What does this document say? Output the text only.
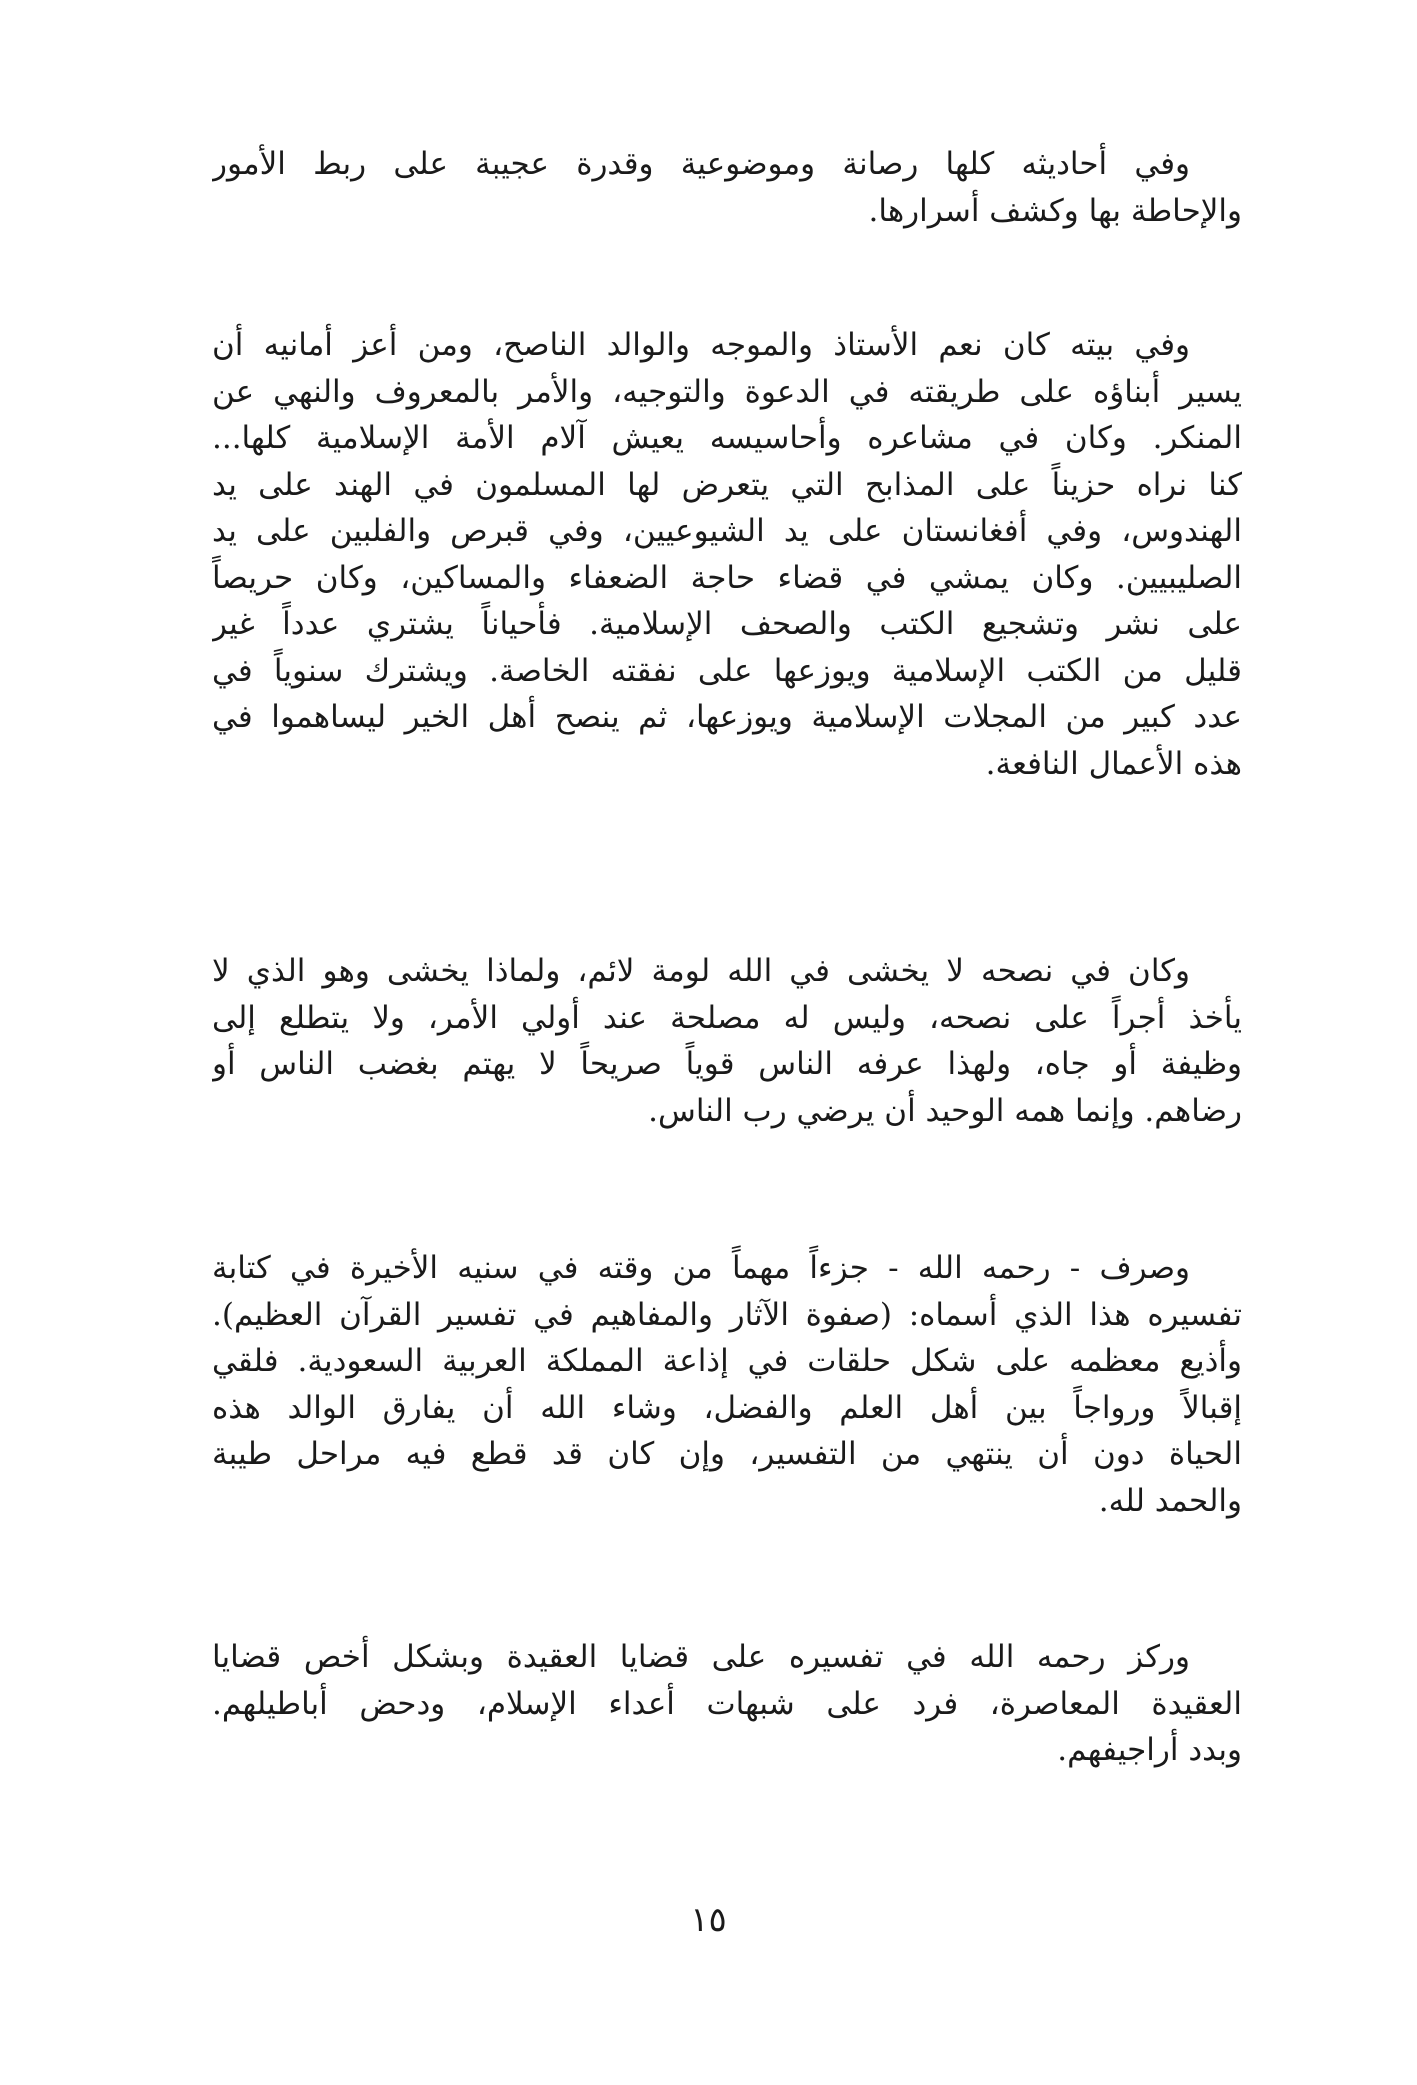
وفي أحاديثه كلها رصانة وموضوعية وقدرة عجيبة على ربط الأمور
والإحاطة بها وكشف أسرارها.
وفي بيته كان نعم الأستاذ والموجه والوالد الناصح، ومن أعز أمانيه أن
يسير أبناؤه على طريقته في الدعوة والتوجيه، والأمر بالمعروف والنهي عن
المنكر. وكان في مشاعره وأحاسيسه يعيش آلام الأمة الإسلامية كلها...
كنا نراه حزيناً على المذابح التي يتعرض لها المسلمون في الهند على يد
الهندوس، وفي أفغانستان على يد الشيوعيين، وفي قبرص والفلبين على يد
الصليبيين. وكان يمشي في قضاء حاجة الضعفاء والمساكين، وكان حريصاً
على نشر وتشجيع الكتب والصحف الإسلامية. فأحياناً يشتري عدداً غير
قليل من الكتب الإسلامية ويوزعها على نفقته الخاصة. ويشترك سنوياً في
عدد كبير من المجلات الإسلامية ويوزعها، ثم ينصح أهل الخير ليساهموا في
هذه الأعمال النافعة.
وكان في نصحه لا يخشى في الله لومة لائم، ولماذا يخشى وهو الذي لا
يأخذ أجراً على نصحه، وليس له مصلحة عند أولي الأمر، ولا يتطلع إلى
وظيفة أو جاه، ولهذا عرفه الناس قوياً صريحاً لا يهتم بغضب الناس أو
رضاهم. وإنما همه الوحيد أن يرضي رب الناس.
وصرف - رحمه الله - جزءاً مهماً من وقته في سنيه الأخيرة في كتابة
تفسيره هذا الذي أسماه: (صفوة الآثار والمفاهيم في تفسير القرآن العظيم).
وأذيع معظمه على شكل حلقات في إذاعة المملكة العربية السعودية. فلقي
إقبالاً ورواجاً بين أهل العلم والفضل، وشاء الله أن يفارق الوالد هذه
الحياة دون أن ينتهي من التفسير، وإن كان قد قطع فيه مراحل طيبة
والحمد لله.
وركز رحمه الله في تفسيره على قضايا العقيدة وبشكل أخص قضايا
العقيدة المعاصرة، فرد على شبهات أعداء الإسلام، ودحض أباطيلهم.
وبدد أراجيفهم.
١٥
